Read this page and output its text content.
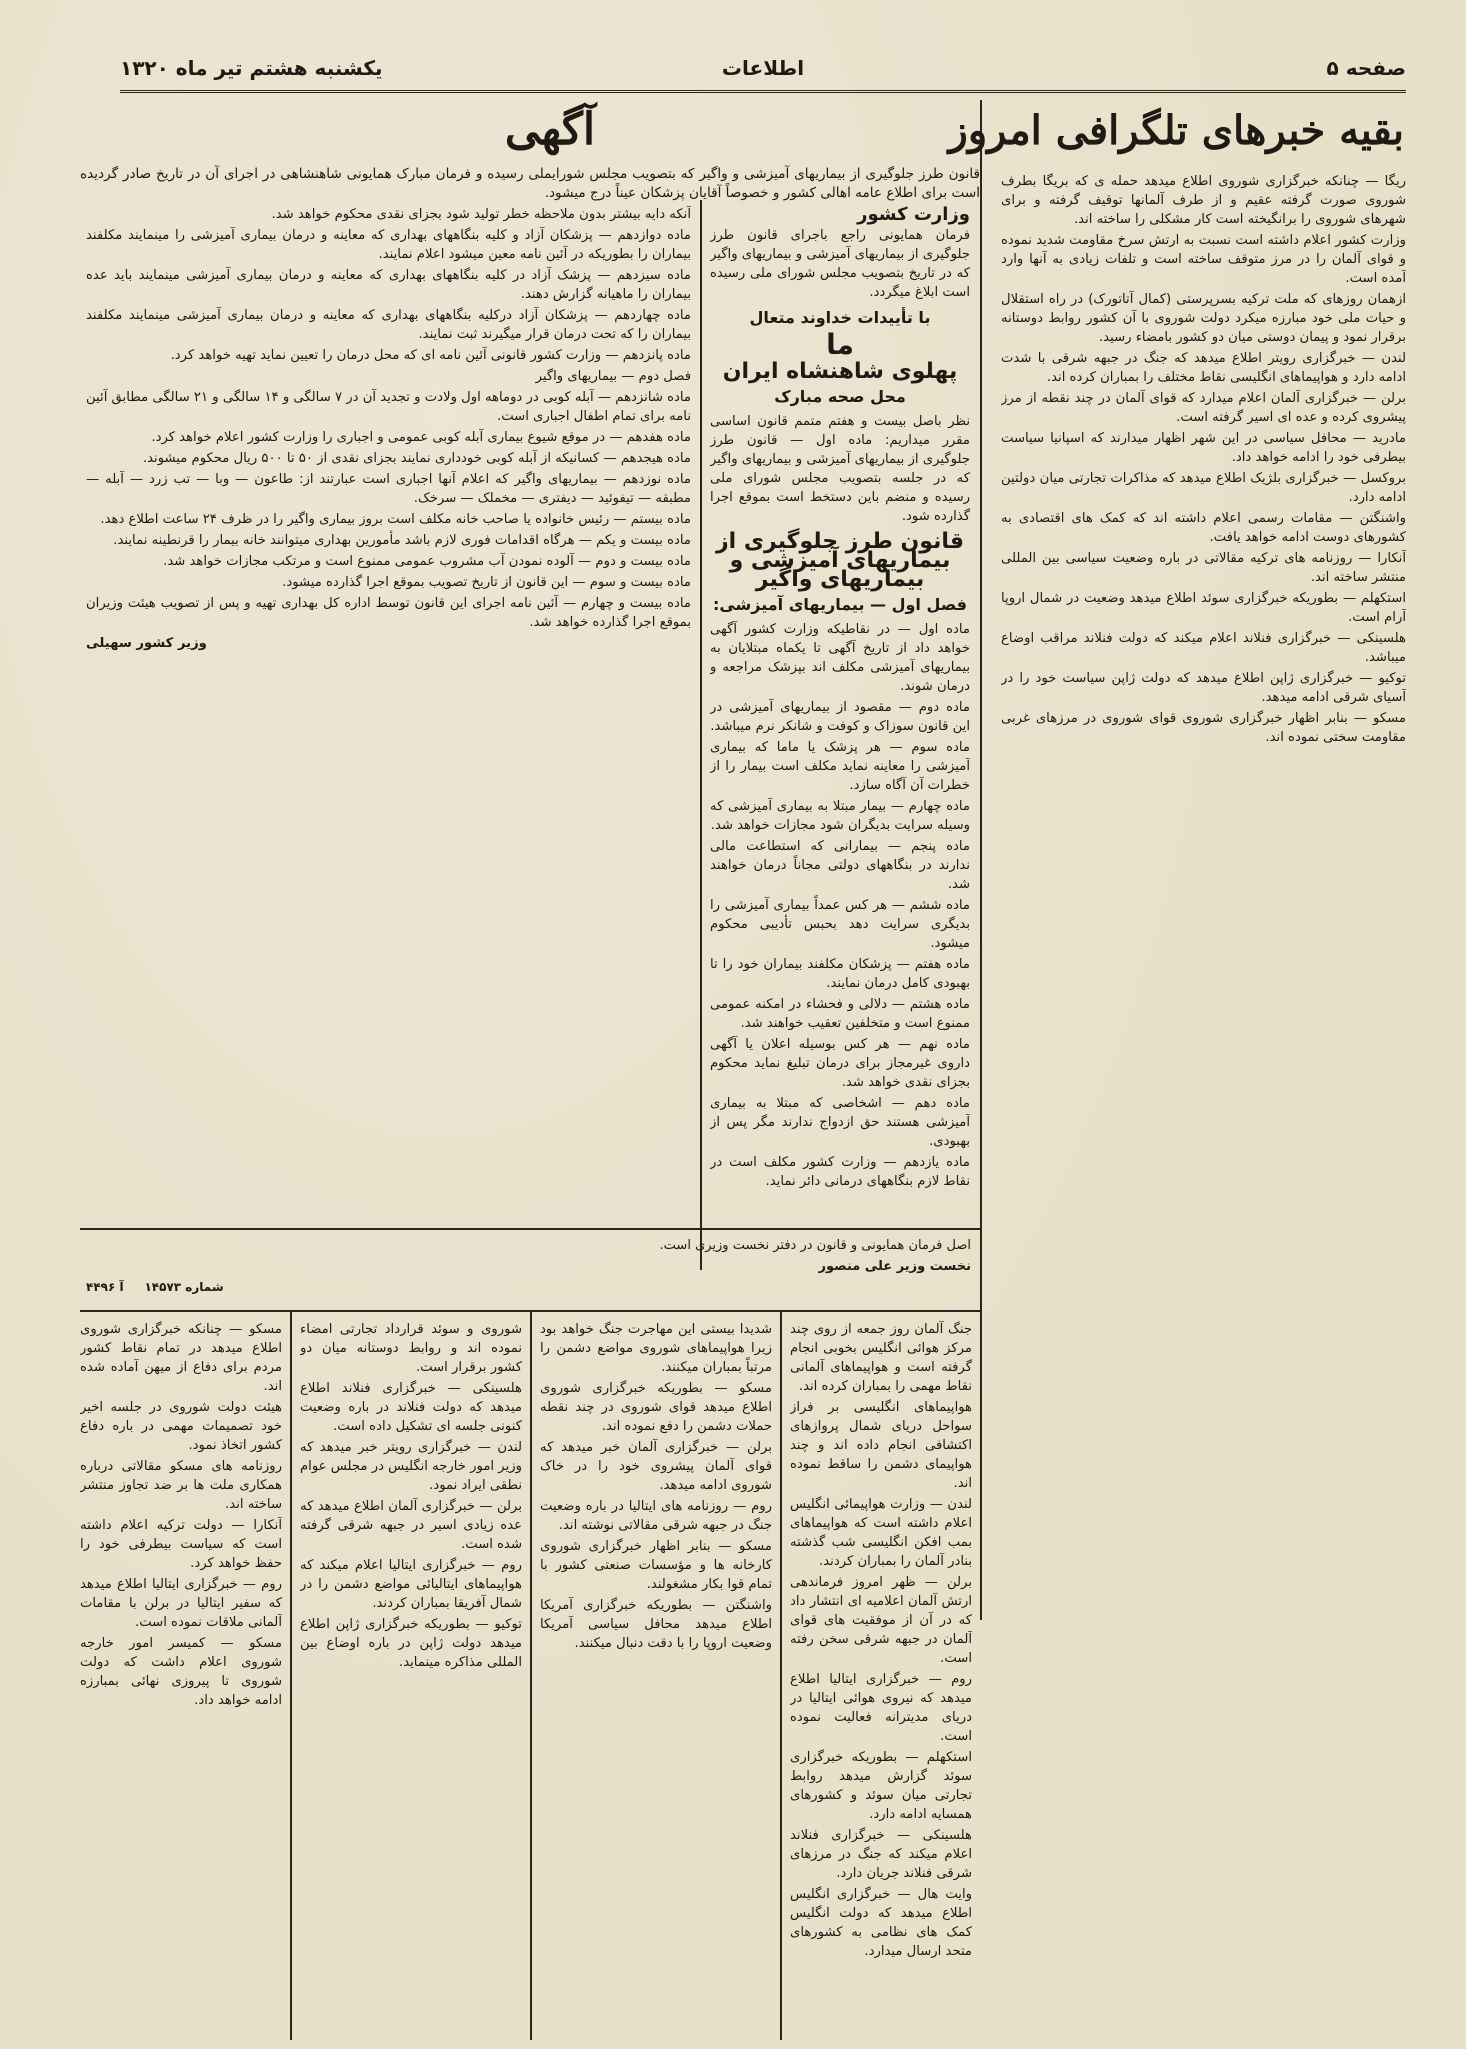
صفحه ۵
اطلاعات
یکشنبه هشتم تیر ماه ۱۳۲۰
بقیه خبرهای تلگرافی امروز

ریگا — چنانکه خبرگزاری شوروی اطلاع میدهد حمله ی که بریگا بطرف شوروی صورت گرفته عقیم و از طرف آلمانها توقیف گرفته و برای شهرهای شوروی را برانگیخته است کار مشکلی را ساخته اند.

وزارت کشور اعلام داشته است نسبت به ارتش سرخ مقاومت شدید نموده و قوای آلمان را در مرز متوقف ساخته است و تلفات زیادی به آنها وارد آمده است.

ازهمان روزهای که ملت ترکیه بسرپرستی (کمال آتاتورک) در راه استقلال و حیات ملی خود مبارزه میکرد دولت شوروی با آن کشور روابط دوستانه برقرار نمود و پیمان دوستی میان دو کشور بامضاء رسید.

لندن — خبرگزاری رویتر اطلاع میدهد که جنگ در جبهه شرقی با شدت ادامه دارد و هواپیماهای انگلیسی نقاط مختلف را بمباران کرده اند.

برلن — خبرگزاری آلمان اعلام میدارد که قوای آلمان در چند نقطه از مرز پیشروی کرده و عده ای اسیر گرفته است.

مادرید — محافل سیاسی در این شهر اظهار میدارند که اسپانیا سیاست بیطرفی خود را ادامه خواهد داد.

بروکسل — خبرگزاری بلژیک اطلاع میدهد که مذاکرات تجارتی میان دولتین ادامه دارد.

واشنگتن — مقامات رسمی اعلام داشته اند که کمک های اقتصادی به کشورهای دوست ادامه خواهد یافت.

آنکارا — روزنامه های ترکیه مقالاتی در باره وضعیت سیاسی بین المللی منتشر ساخته اند.

استکهلم — بطوریکه خبرگزاری سوئد اطلاع میدهد وضعیت در شمال اروپا آرام است.

هلسینکی — خبرگزاری فنلاند اعلام میکند که دولت فنلاند مراقب اوضاع میباشد.

توکیو — خبرگزاری ژاپن اطلاع میدهد که دولت ژاپن سیاست خود را در آسیای شرقی ادامه میدهد.

مسکو — بنابر اظهار خبرگزاری شوروی قوای شوروی در مرزهای غربی مقاومت سختی نموده اند.

آگهی

قانون طرز جلوگیری از بیماریهای آمیزشی و واگیر که بتصویب مجلس شورایملی رسیده و فرمان مبارک همایونی شاهنشاهی در اجرای آن در تاریخ صادر گردیده است برای اطلاع عامه اهالی کشور و خصوصاً آقایان پزشکان عیناً درج میشود.

وزارت کشور

فرمان همایونی راجع باجرای قانون طرز جلوگیری از بیماریهای آمیزشی و بیماریهای واگیر که در تاریخ بتصویب مجلس شورای ملی رسیده است ابلاغ میگردد.

با تأییدات خداوند متعال

ما

پهلوی شاهنشاه ایران

محل صحه مبارک

نظر باصل بیست و هفتم متمم قانون اساسی مقرر میداریم: ماده اول — قانون طرز جلوگیری از بیماریهای آمیزشی و بیماریهای واگیر که در جلسه بتصویب مجلس شورای ملی رسیده و منضم باین دستخط است بموقع اجرا گذارده شود.

قانون طرز جلوگیری از بیماریهای آمیزشی و بیماریهای واگیر

فصل اول — بیماریهای آمیزشی:

ماده اول — در نقاطیکه وزارت کشور آگهی خواهد داد از تاریخ آگهی تا یکماه مبتلایان به بیماریهای آمیزشی مکلف اند بپزشک مراجعه و درمان شوند.

ماده دوم — مقصود از بیماریهای آمیزشی در این قانون سوزاک و کوفت و شانکر نرم میباشد.

ماده سوم — هر پزشک یا ماما که بیماری آمیزشی را معاینه نماید مکلف است بیمار را از خطرات آن آگاه سازد.

ماده چهارم — بیمار مبتلا به بیماری آمیزشی که وسیله سرایت بدیگران شود مجازات خواهد شد.

ماده پنجم — بیمارانی که استطاعت مالی ندارند در بنگاههای دولتی مجاناً درمان خواهند شد.

ماده ششم — هر کس عمداً بیماری آمیزشی را بدیگری سرایت دهد بحبس تأدیبی محکوم میشود.

ماده هفتم — پزشکان مکلفند بیماران خود را تا بهبودی کامل درمان نمایند.

ماده هشتم — دلالی و فحشاء در امکنه عمومی ممنوع است و متخلفین تعقیب خواهند شد.

ماده نهم — هر کس بوسیله اعلان یا آگهی داروی غیرمجاز برای درمان تبلیغ نماید محکوم بجزای نقدی خواهد شد.

ماده دهم — اشخاصی که مبتلا به بیماری آمیزشی هستند حق ازدواج ندارند مگر پس از بهبودی.

ماده یازدهم — وزارت کشور مکلف است در نقاط لازم بنگاههای درمانی دائر نماید.

آنکه دایه بیشتر بدون ملاحظه خطر تولید شود بجزای نقدی محکوم خواهد شد.

ماده دوازدهم — پزشکان آزاد و کلیه بنگاههای بهداری که معاینه و درمان بیماری آمیزشی را مینمایند مکلفند بیماران را بطوریکه در آئین نامه معین میشود اعلام نمایند.

ماده سیزدهم — پزشک آزاد در کلیه بنگاههای بهداری که معاینه و درمان بیماری آمیزشی مینمایند باید عده بیماران را ماهیانه گزارش دهند.

ماده چهاردهم — پزشکان آزاد درکلیه بنگاههای بهداری که معاینه و درمان بیماری آمیزشی مینمایند مکلفند بیماران را که تحت درمان قرار میگیرند ثبت نمایند.

ماده پانزدهم — وزارت کشور قانونی آئین نامه ای که محل درمان را تعیین نماید تهیه خواهد کرد.

فصل دوم — بیماریهای واگیر

ماده شانزدهم — آبله کوبی در دوماهه اول ولادت و تجدید آن در ۷ سالگی و ۱۴ سالگی و ۲۱ سالگی مطابق آئین نامه برای تمام اطفال اجباری است.

ماده هفدهم — در موقع شیوع بیماری آبله کوبی عمومی و اجباری را وزارت کشور اعلام خواهد کرد.

ماده هیجدهم — کسانیکه از آبله کوبی خودداری نمایند بجزای نقدی از ۵۰ تا ۵۰۰ ریال محکوم میشوند.

ماده نوزدهم — بیماریهای واگیر که اعلام آنها اجباری است عبارتند از: طاعون — وبا — تب زرد — آبله — مطبقه — تیفوئید — دیفتری — مخملک — سرخک.

ماده بیستم — رئیس خانواده یا صاحب خانه مکلف است بروز بیماری واگیر را در ظرف ۲۴ ساعت اطلاع دهد.

ماده بیست و یکم — هرگاه اقدامات فوری لازم باشد مأمورین بهداری میتوانند خانه بیمار را قرنطینه نمایند.

ماده بیست و دوم — آلوده نمودن آب مشروب عمومی ممنوع است و مرتکب مجازات خواهد شد.

ماده بیست و سوم — این قانون از تاریخ تصویب بموقع اجرا گذارده میشود.

ماده بیست و چهارم — آئین نامه اجرای این قانون توسط اداره کل بهداری تهیه و پس از تصویب هیئت وزیران بموقع اجرا گذارده خواهد شد.

وزیر کشور سهیلی

اصل فرمان همایونی و قانون در دفتر نخست وزیری است.

نخست وزیر علی منصور

شماره ۱۴۵۷۳     آ ۴۴۹۶

جنگ آلمان روز جمعه از روی چند مرکز هوائی انگلیس بخوبی انجام گرفته است و هواپیماهای آلمانی نقاط مهمی را بمباران کرده اند.

هواپیماهای انگلیسی بر فراز سواحل دریای شمال پروازهای اکتشافی انجام داده اند و چند هواپیمای دشمن را ساقط نموده اند.

لندن — وزارت هواپیمائی انگلیس اعلام داشته است که هواپیماهای بمب افکن انگلیسی شب گذشته بنادر آلمان را بمباران کردند.

برلن — ظهر امروز فرماندهی ارتش آلمان اعلامیه ای انتشار داد که در آن از موفقیت های قوای آلمان در جبهه شرقی سخن رفته است.

روم — خبرگزاری ایتالیا اطلاع میدهد که نیروی هوائی ایتالیا در دریای مدیترانه فعالیت نموده است.

استکهلم — بطوریکه خبرگزاری سوئد گزارش میدهد روابط تجارتی میان سوئد و کشورهای همسایه ادامه دارد.

هلسینکی — خبرگزاری فنلاند اعلام میکند که جنگ در مرزهای شرقی فنلاند جریان دارد.

وایت هال — خبرگزاری انگلیس اطلاع میدهد که دولت انگلیس کمک های نظامی به کشورهای متحد ارسال میدارد.

شدیدا بیستی این مهاجرت جنگ خواهد بود زیرا هواپیماهای شوروی مواضع دشمن را مرتباً بمباران میکنند.

مسکو — بطوریکه خبرگزاری شوروی اطلاع میدهد قوای شوروی در چند نقطه حملات دشمن را دفع نموده اند.

برلن — خبرگزاری آلمان خبر میدهد که قوای آلمان پیشروی خود را در خاک شوروی ادامه میدهد.

روم — روزنامه های ایتالیا در باره وضعیت جنگ در جبهه شرقی مقالاتی نوشته اند.

مسکو — بنابر اظهار خبرگزاری شوروی کارخانه ها و مؤسسات صنعتی کشور با تمام قوا بکار مشغولند.

واشنگتن — بطوریکه خبرگزاری آمریکا اطلاع میدهد محافل سیاسی آمریکا وضعیت اروپا را با دقت دنبال میکنند.

شوروی و سوئد قرارداد تجارتی امضاء نموده اند و روابط دوستانه میان دو کشور برقرار است.

هلسینکی — خبرگزاری فنلاند اطلاع میدهد که دولت فنلاند در باره وضعیت کنونی جلسه ای تشکیل داده است.

لندن — خبرگزاری رویتر خبر میدهد که وزیر امور خارجه انگلیس در مجلس عوام نطقی ایراد نمود.

برلن — خبرگزاری آلمان اطلاع میدهد که عده زیادی اسیر در جبهه شرقی گرفته شده است.

روم — خبرگزاری ایتالیا اعلام میکند که هواپیماهای ایتالیائی مواضع دشمن را در شمال آفریقا بمباران کردند.

توکیو — بطوریکه خبرگزاری ژاپن اطلاع میدهد دولت ژاپن در باره اوضاع بین المللی مذاکره مینماید.

مسکو — چنانکه خبرگزاری شوروی اطلاع میدهد در تمام نقاط کشور مردم برای دفاع از میهن آماده شده اند.

هیئت دولت شوروی در جلسه اخیر خود تصمیمات مهمی در باره دفاع کشور اتخاذ نمود.

روزنامه های مسکو مقالاتی درباره همکاری ملت ها بر ضد تجاوز منتشر ساخته اند.

آنکارا — دولت ترکیه اعلام داشته است که سیاست بیطرفی خود را حفظ خواهد کرد.

روم — خبرگزاری ایتالیا اطلاع میدهد که سفیر ایتالیا در برلن با مقامات آلمانی ملاقات نموده است.

مسکو — کمیسر امور خارجه شوروی اعلام داشت که دولت شوروی تا پیروزی نهائی بمبارزه ادامه خواهد داد.
